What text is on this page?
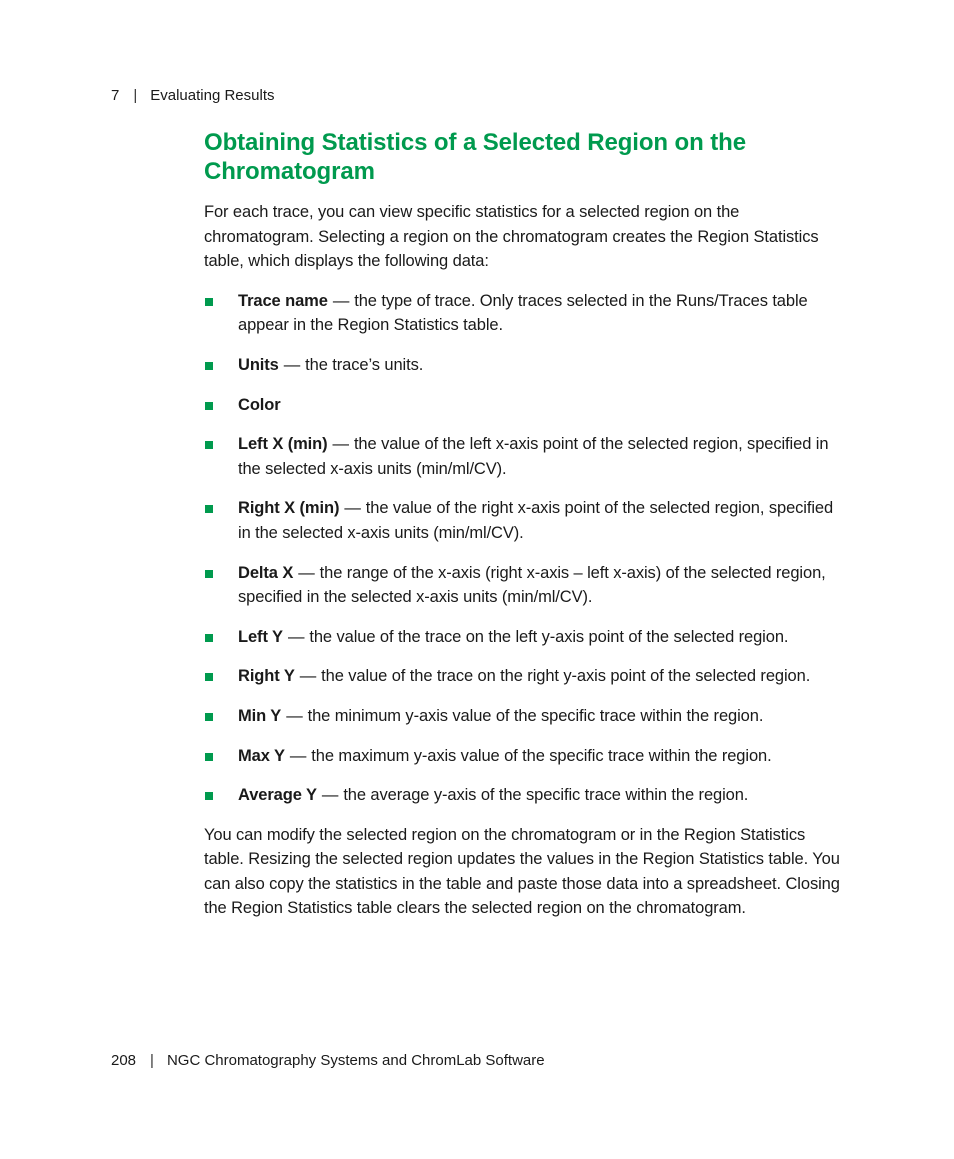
7 | Evaluating Results
Obtaining Statistics of a Selected Region on the Chromatogram

For each trace, you can view specific statistics for a selected region on the chromatogram. Selecting a region on the chromatogram creates the Region Statistics table, which displays the following data:

Trace name — the type of trace. Only traces selected in the Runs/Traces table appear in the Region Statistics table.
Units — the trace’s units.
Color
Left X (min) — the value of the left x-axis point of the selected region, specified in the selected x-axis units (min/ml/CV).
Right X (min) — the value of the right x-axis point of the selected region, specified in the selected x-axis units (min/ml/CV).
Delta X — the range of the x-axis (right x-axis – left x-axis) of the selected region, specified in the selected x-axis units (min/ml/CV).
Left Y — the value of the trace on the left y-axis point of the selected region.
Right Y — the value of the trace on the right y-axis point of the selected region.
Min Y — the minimum y-axis value of the specific trace within the region.
Max Y — the maximum y-axis value of the specific trace within the region.
Average Y — the average y-axis of the specific trace within the region.

You can modify the selected region on the chromatogram or in the Region Statistics table. Resizing the selected region updates the values in the Region Statistics table. You can also copy the statistics in the table and paste those data into a spreadsheet. Closing the Region Statistics table clears the selected region on the chromatogram.

208 | NGC Chromatography Systems and ChromLab Software
